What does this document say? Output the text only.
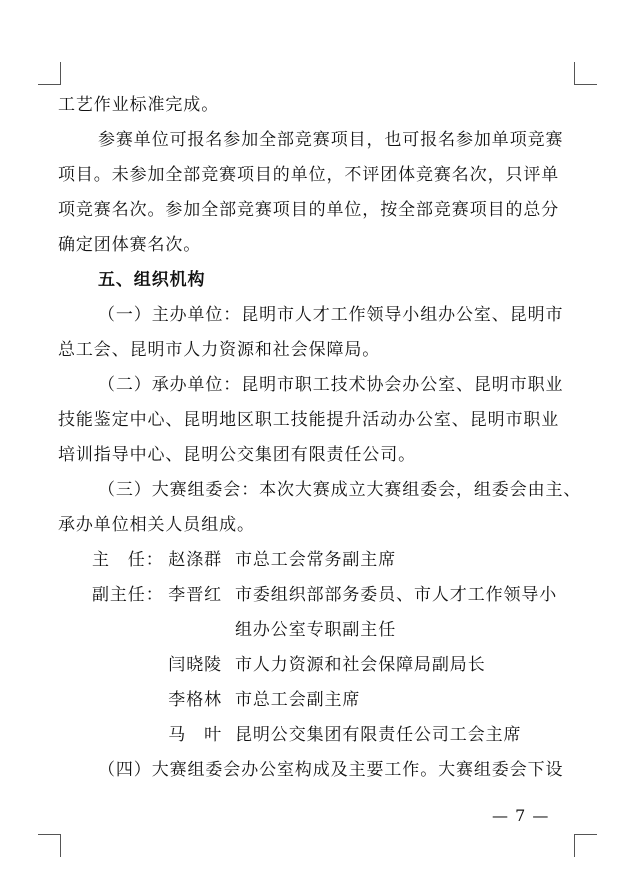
工艺作业标准完成。
参赛单位可报名参加全部竞赛项目，也可报名参加单项竞赛
项目。未参加全部竞赛项目的单位，不评团体竞赛名次，只评单
项竞赛名次。参加全部竞赛项目的单位，按全部竞赛项目的总分
确定团体赛名次。
五、组织机构
（一）主办单位：昆明市人才工作领导小组办公室、昆明市
总工会、昆明市人力资源和社会保障局。
（二）承办单位：昆明市职工技术协会办公室、昆明市职业
技能鉴定中心、昆明地区职工技能提升活动办公室、昆明市职业
培训指导中心、昆明公交集团有限责任公司。
（三）大赛组委会：本次大赛成立大赛组委会，组委会由主、
承办单位相关人员组成。
主　任： 赵涤群 市总工会常务副主席
副主任： 李晋红 市委组织部部务委员、市人才工作领导小
组办公室专职副主任
闫晓陵 市人力资源和社会保障局副局长
李格林 市总工会副主席
马　叶 昆明公交集团有限责任公司工会主席
（四）大赛组委会办公室构成及主要工作。大赛组委会下设
— 7 —
